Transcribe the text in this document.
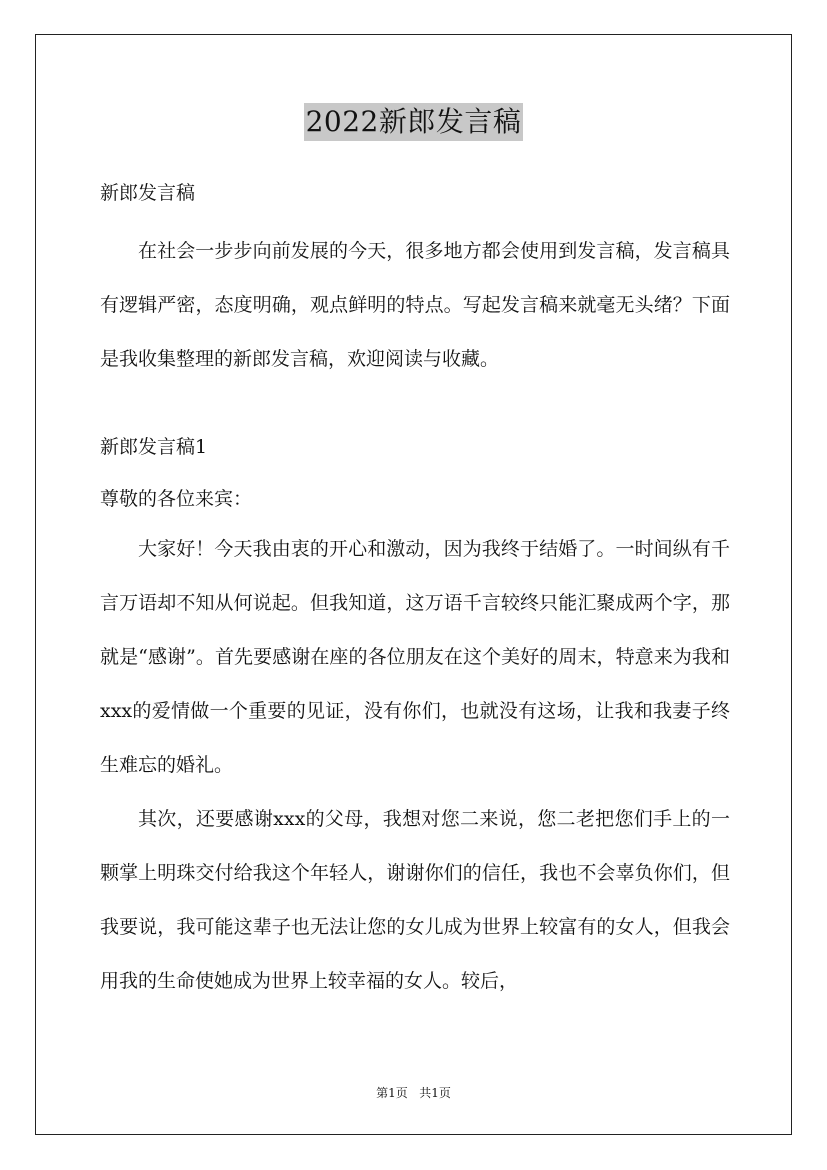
2022新郎发言稿
新郎发言稿

在社会一步步向前发展的今天，很多地方都会使用到发言稿，发言稿具有逻辑严密，态度明确，观点鲜明的特点。写起发言稿来就毫无头绪？下面是我收集整理的新郎发言稿，欢迎阅读与收藏。

新郎发言稿1
尊敬的各位来宾：

大家好！今天我由衷的开心和激动，因为我终于结婚了。一时间纵有千言万语却不知从何说起。但我知道，这万语千言较终只能汇聚成两个字，那就是“感谢”。首先要感谢在座的各位朋友在这个美好的周末，特意来为我和xxx的爱情做一个重要的见证，没有你们，也就没有这场，让我和我妻子终生难忘的婚礼。

其次，还要感谢xxx的父母，我想对您二来说，您二老把您们手上的一颗掌上明珠交付给我这个年轻人，谢谢你们的信任，我也不会辜负你们，但我要说，我可能这辈子也无法让您的女儿成为世界上较富有的女人，但我会用我的生命使她成为世界上较幸福的女人。较后，

第1页 共1页
